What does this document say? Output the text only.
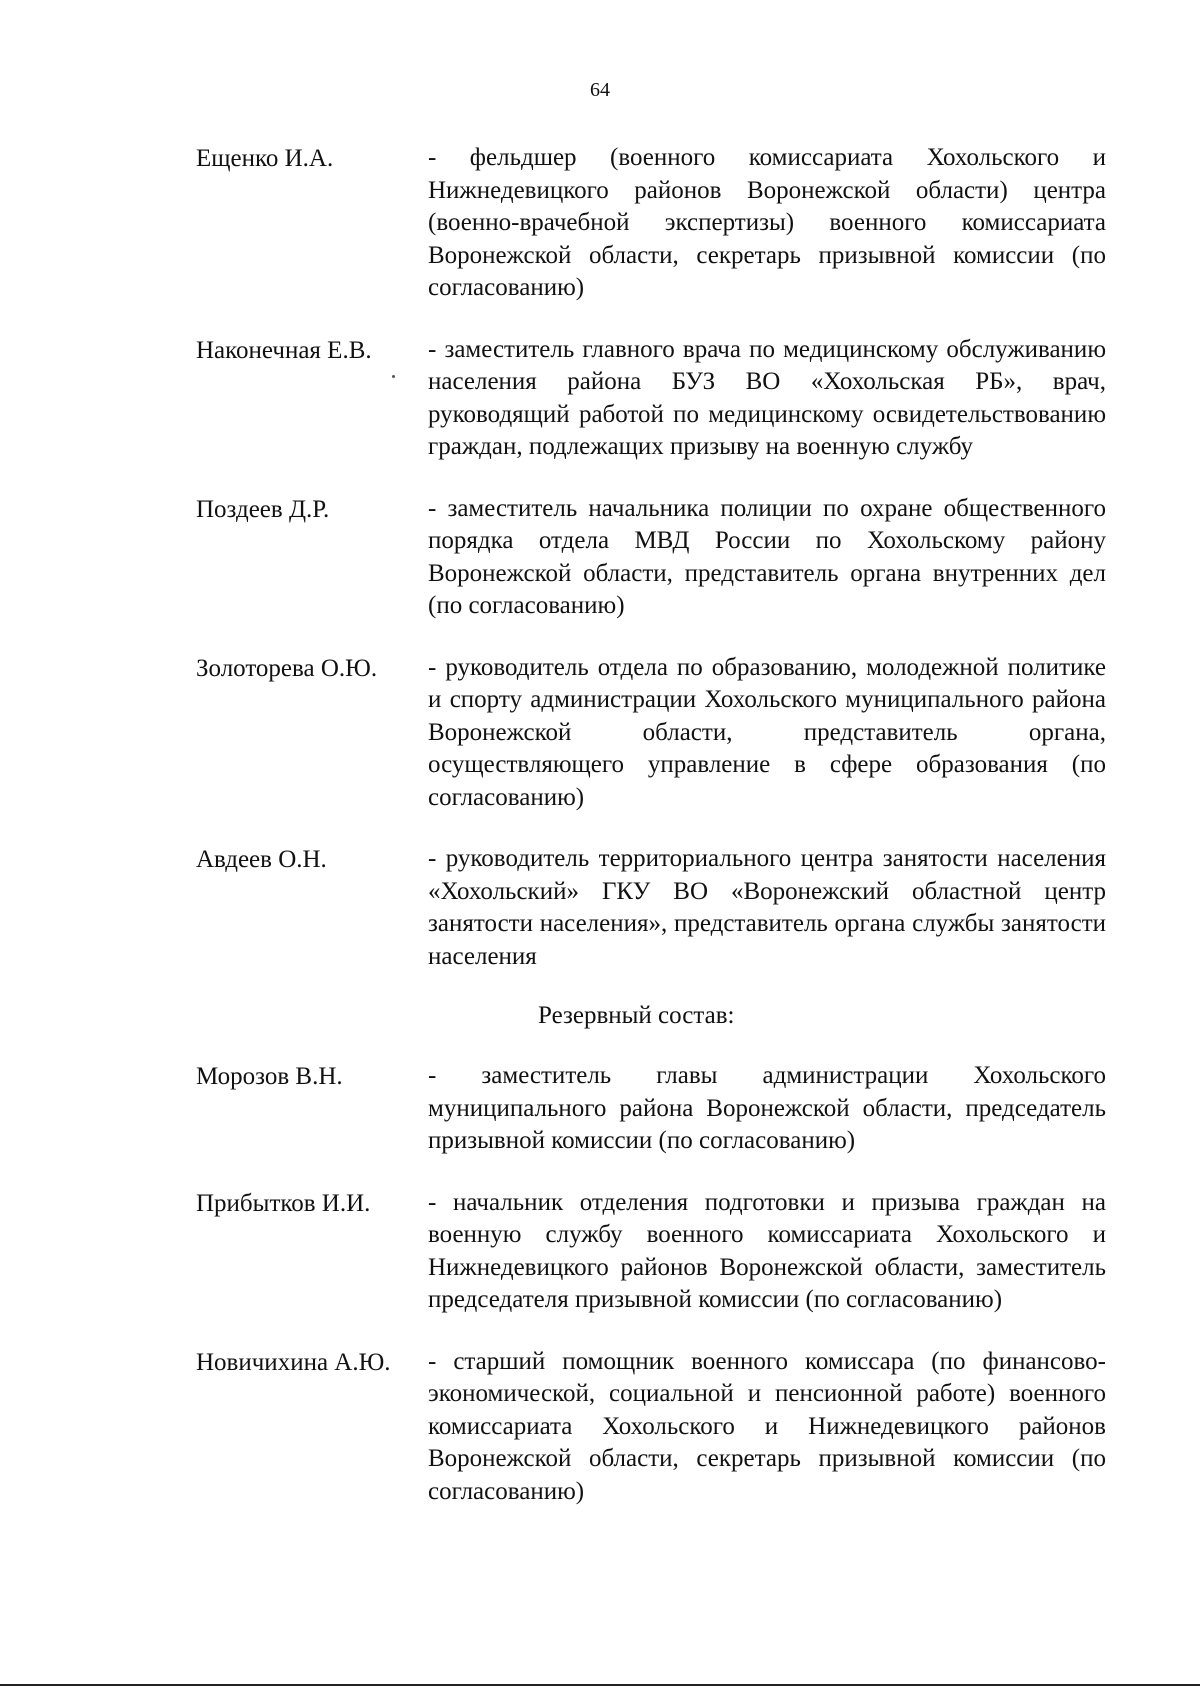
64
Ещенко И.А.	- фельдшер (военного комиссариата Хохольского и Нижнедевицкого районов Воронежской области) центра (военно-врачебной экспертизы) военного комиссариата Воронежской области, секретарь призывной комиссии (по согласованию)
Наконечная Е.В.	- заместитель главного врача по медицинскому обслуживанию населения района БУЗ ВО «Хохольская РБ», врач, руководящий работой по медицинскому освидетельствованию граждан, подлежащих призыву на военную службу
Поздеев Д.Р.	- заместитель начальника полиции по охране общественного порядка отдела МВД России по Хохольскому району Воронежской области, представитель органа внутренних дел (по согласованию)
Золоторева О.Ю.	- руководитель отдела по образованию, молодежной политике и спорту администрации Хохольского муниципального района Воронежской области, представитель органа, осуществляющего управление в сфере образования (по согласованию)
Авдеев О.Н.	- руководитель территориального центра занятости населения «Хохольский» ГКУ ВО «Воронежский областной центр занятости населения», представитель органа службы занятости населения
Резервный состав:
Морозов В.Н.	- заместитель главы администрации Хохольского муниципального района Воронежской области, председатель призывной комиссии (по согласованию)
Прибытков И.И.	- начальник отделения подготовки и призыва граждан на военную службу военного комиссариата Хохольского и Нижнедевицкого районов Воронежской области, заместитель председателя призывной комиссии (по согласованию)
Новичихина А.Ю.	- старший помощник военного комиссара (по финансово-экономической, социальной и пенсионной работе) военного комиссариата Хохольского и Нижнедевицкого районов Воронежской области, секретарь призывной комиссии (по согласованию)
